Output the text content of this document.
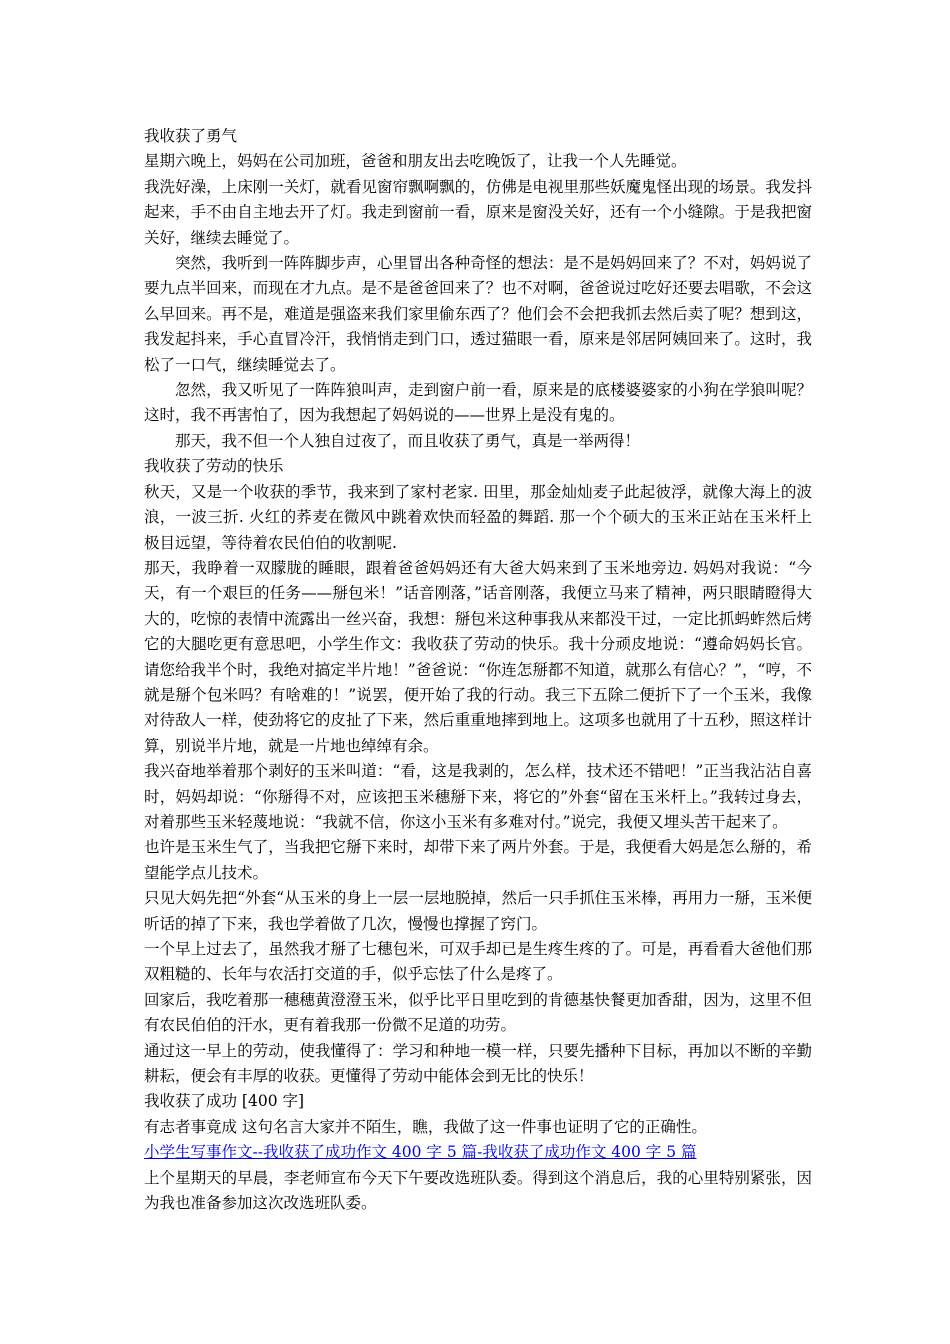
我收获了勇气

星期六晚上，妈妈在公司加班，爸爸和朋友出去吃晚饭了，让我一个人先睡觉。

我洗好澡，上床刚一关灯，就看见窗帘飘啊飘的，仿佛是电视里那些妖魔鬼怪出现的场景。我发抖起来，手不由自主地去开了灯。我走到窗前一看，原来是窗没关好，还有一个小缝隙。于是我把窗关好，继续去睡觉了。

突然，我听到一阵阵脚步声，心里冒出各种奇怪的想法：是不是妈妈回来了？不对，妈妈说了要九点半回来，而现在才九点。是不是爸爸回来了？也不对啊，爸爸说过吃好还要去唱歌，不会这么早回来。再不是，难道是强盗来我们家里偷东西了？他们会不会把我抓去然后卖了呢？想到这，我发起抖来，手心直冒冷汗，我悄悄走到门口，透过猫眼一看，原来是邻居阿姨回来了。这时，我松了一口气，继续睡觉去了。

忽然，我又听见了一阵阵狼叫声，走到窗户前一看，原来是的底楼婆婆家的小狗在学狼叫呢？这时，我不再害怕了，因为我想起了妈妈说的——世界上是没有鬼的。

那天，我不但一个人独自过夜了，而且收获了勇气，真是一举两得！

我收获了劳动的快乐

秋天，又是一个收获的季节，我来到了家村老家. 田里，那金灿灿麦子此起彼浮，就像大海上的波浪，一波三折. 火红的荞麦在微风中跳着欢快而轻盈的舞蹈. 那一个个硕大的玉米正站在玉米杆上极目远望，等待着农民伯伯的收割呢.

那天，我睁着一双朦胧的睡眼，跟着爸爸妈妈还有大爸大妈来到了玉米地旁边. 妈妈对我说：“今天，有一个艰巨的任务——掰包米！”话音刚落，”话音刚落，我便立马来了精神，两只眼睛瞪得大大的，吃惊的表情中流露出一丝兴奋，我想：掰包米这种事我从来都没干过，一定比抓蚂蚱然后烤它的大腿吃更有意思吧，小学生作文：我收获了劳动的快乐。我十分顽皮地说：“遵命妈妈长官。请您给我半个时，我绝对搞定半片地！”爸爸说：“你连怎掰都不知道，就那么有信心？”，“哼，不就是掰个包米吗？有啥难的！”说罢，便开始了我的行动。我三下五除二便折下了一个玉米，我像对待敌人一样，使劲将它的皮扯了下来，然后重重地摔到地上。这项多也就用了十五秒，照这样计算，别说半片地，就是一片地也绰绰有余。

我兴奋地举着那个剥好的玉米叫道：“看，这是我剥的，怎么样，技术还不错吧！”正当我沾沾自喜时，妈妈却说：“你掰得不对，应该把玉米穗掰下来，将它的”外套“留在玉米杆上。”我转过身去，对着那些玉米轻蔑地说：“我就不信，你这小玉米有多难对付。”说完，我便又埋头苦干起来了。

也许是玉米生气了，当我把它掰下来时，却带下来了两片外套。于是，我便看大妈是怎么掰的，希望能学点儿技术。

只见大妈先把“外套“从玉米的身上一层一层地脱掉，然后一只手抓住玉米棒，再用力一掰，玉米便听话的掉了下来，我也学着做了几次，慢慢也撑握了窍门。

一个早上过去了，虽然我才掰了七穗包米，可双手却已是生疼生疼的了。可是，再看看大爸他们那双粗糙的、长年与农活打交道的手，似乎忘怯了什么是疼了。

回家后，我吃着那一穗穗黄澄澄玉米，似乎比平日里吃到的肯德基快餐更加香甜，因为，这里不但有农民伯伯的汗水，更有着我那一份微不足道的功劳。

通过这一早上的劳动，使我懂得了：学习和种地一模一样，只要先播种下目标，再加以不断的辛勤耕耘，便会有丰厚的收获。更懂得了劳动中能体会到无比的快乐！

我收获了成功 [400 字]

有志者事竟成 这句名言大家并不陌生，瞧，我做了这一件事也证明了它的正确性。

小学生写事作文--我收获了成功作文 400 字 5 篇-我收获了成功作文 400 字 5 篇

上个星期天的早晨，李老师宣布今天下午要改选班队委。得到这个消息后，我的心里特别紧张，因为我也准备参加这次改选班队委。
